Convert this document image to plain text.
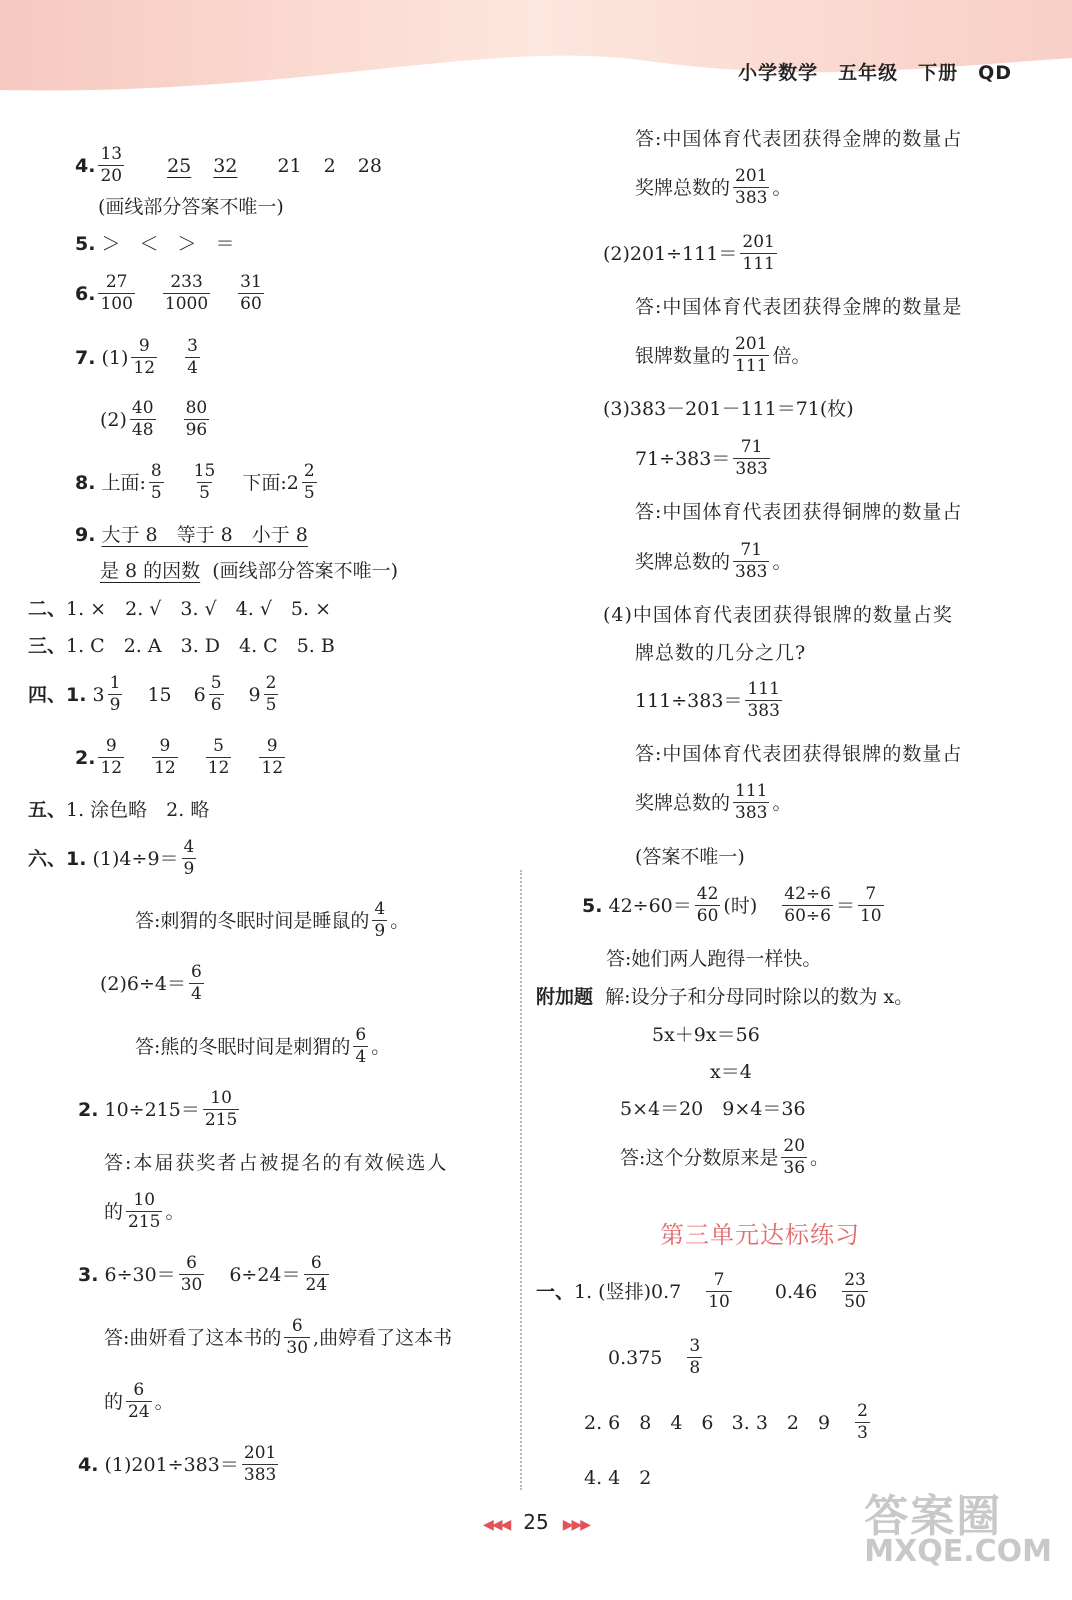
小学数学　五年级　下册　QD
4.
13
20 25 32 21 2 28
(画线部分答案不唯一)
5.
＞　＜　＞　＝
6.
27
100
233
1000
31
60
7.
(1)
9
12
3
4
(2)
40
48
80
96
8.
上面:
8
5
15
5 下面:2
2
5
9.
大于 8　等于 8　小于 8
是 8 的因数
(画线部分答案不唯一)
二、 1. ×　2. √　3. √　4. √　5. ×
三、 1. C　2. A　3. D　4. C　5. B
四、 1.
3
1
9 15 6
5
6 9
2
5
2.
9
12
9
12
5
12
9
12
五、 1. 涂色略　2. 略
六、 1.
(1)4÷9＝
4
9
答:刺猬的冬眠时间是睡鼠的
4
9 。
(2)6÷4＝
6
4
答:熊的冬眠时间是刺猬的
6
4 。
2.
10÷215＝
10
215
答:本届获奖者占被提名的有效候选人
的
10
215 。
3.
6÷30＝
6
30 6÷24＝
6
24
答:曲妍看了这本书的
6
30 ,曲婷看了这本书
的
6
24 。
4.
(1)201÷383＝
201
383
答:中国体育代表团获得金牌的数量占
奖牌总数的
201
383 。
(2)201÷111＝
201
111
答:中国体育代表团获得金牌的数量是
银牌数量的
201
111 倍。
(3)383－201－111＝71(枚)
71÷383＝
71
383
答:中国体育代表团获得铜牌的数量占
奖牌总数的
71
383 。
(4)中国体育代表团获得银牌的数量占奖
牌总数的几分之几?
111÷383＝
111
383
答:中国体育代表团获得银牌的数量占
奖牌总数的
111
383 。
(答案不唯一)
5.
42÷60＝
42
60 (时)
42÷6
60÷6 ＝
7
10
答:她们两人跑得一样快。
附加题
解:设分子和分母同时除以的数为 x。
5x＋9x＝56
x＝4
5×4＝20　9×4＝36
答:这个分数原来是
20
36 。
第三单元达标练习
一、 1. (竖排)0.7
7
10 0.46
23
50
0.375
3
8
2. 6　8　4　6
3. 3　2　9
2
3
4. 4　2
◀◀◀ 25 ▶▶▶	答案圈
MXQE.COM
